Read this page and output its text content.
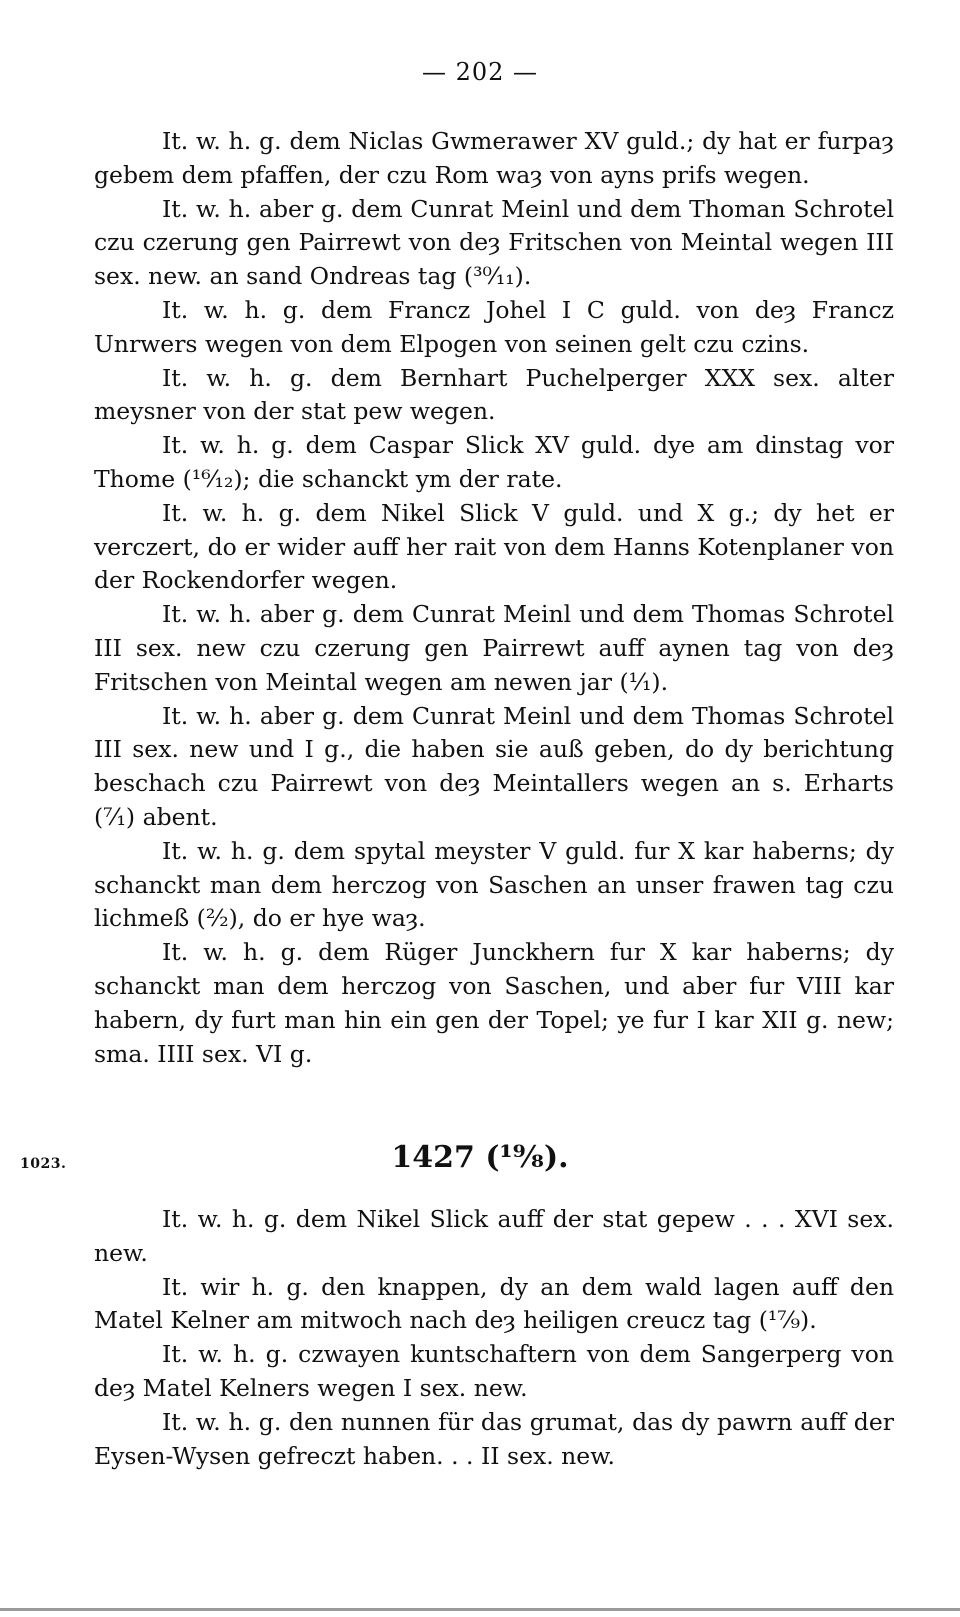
— 202 —

It. w. h. g. dem Niclas Gwmerawer XV guld.; dy hat er furpaȝ gebem dem pfaffen, der czu Rom waȝ von ayns prifs wegen.

It. w. h. aber g. dem Cunrat Meinl und dem Thoman Schrotel czu czerung gen Pairrewt von deȝ Fritschen von Meintal wegen III sex. new. an sand Ondreas tag (³⁰⁄₁₁).

It. w. h. g. dem Francz Johel I C guld. von deȝ Francz Unrwers wegen von dem Elpogen von seinen gelt czu czins.

It. w. h. g. dem Bernhart Puchelperger XXX sex. alter meysner von der stat pew wegen.

It. w. h. g. dem Caspar Slick XV guld. dye am dinstag vor Thome (¹⁶⁄₁₂); die schanckt ym der rate.

It. w. h. g. dem Nikel Slick V guld. und X g.; dy het er verczert, do er wider auff her rait von dem Hanns Kotenplaner von der Rockendorfer wegen.

It. w. h. aber g. dem Cunrat Meinl und dem Thomas Schrotel III sex. new czu czerung gen Pairrewt auff aynen tag von deȝ Fritschen von Meintal wegen am newen jar (¹⁄₁).

It. w. h. aber g. dem Cunrat Meinl und dem Thomas Schrotel III sex. new und I g., die haben sie auß geben, do dy berichtung beschach czu Pairrewt von deȝ Meintallers wegen an s. Erharts (⁷⁄₁) abent.

It. w. h. g. dem spytal meyster V guld. fur X kar haberns; dy schanckt man dem herczog von Saschen an unser frawen tag czu lichmeß (²⁄₂), do er hye waȝ.

It. w. h. g. dem Rüger Junckhern fur X kar haberns; dy schanckt man dem herczog von Saschen, und aber fur VIII kar habern, dy furt man hin ein gen der Topel; ye fur I kar XII g. new; sma. IIII sex. VI g.

1023.	1427 (¹⁹⁄₈).

It. w. h. g. dem Nikel Slick auff der stat gepew . . . XVI sex. new.

It. wir h. g. den knappen, dy an dem wald lagen auff den Matel Kelner am mitwoch nach deȝ heiligen creucz tag (¹⁷⁄₉).

It. w. h. g. czwayen kuntschaftern von dem Sangerperg von deȝ Matel Kelners wegen I sex. new.

It. w. h. g. den nunnen für das grumat, das dy pawrn auff der Eysen-Wysen gefreczt haben. . . II sex. new.
